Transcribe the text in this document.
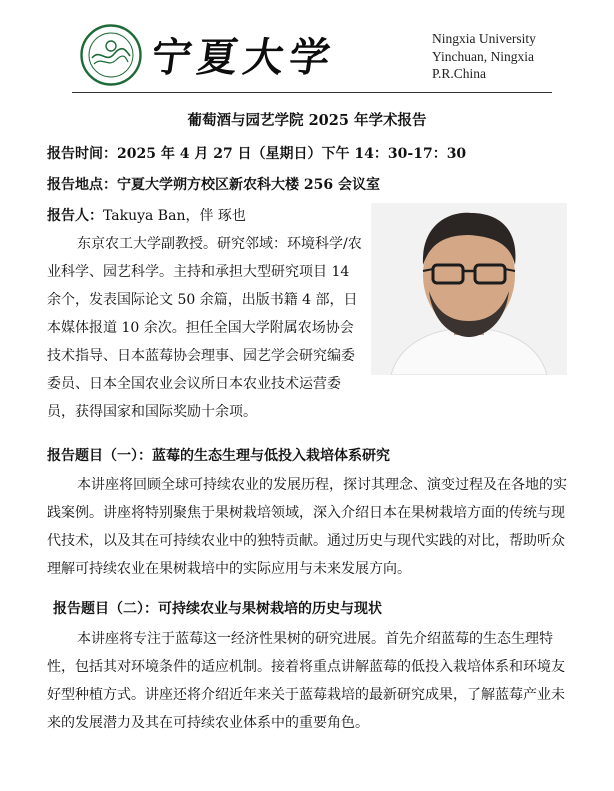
宁夏大学	Ningxia University
Yinchuan, Ningxia
P.R.China
葡萄酒与园艺学院 2025 年学术报告
报告时间：2025 年 4 月 27 日（星期日）下午 14：30-17：30
报告地点：宁夏大学朔方校区新农科大楼 256 会议室
报告人：Takuya Ban，伴 琢也

东京农工大学副教授。研究邻域：环境科学/农业科学、园艺科学。主持和承担大型研究项目 14 余个，发表国际论文 50 余篇，出版书籍 4 部，日本媒体报道 10 余次。担任全国大学附属农场协会技术指导、日本蓝莓协会理事、园艺学会研究编委委员、日本全国农业会议所日本农业技术运营委员，获得国家和国际奖励十余项。

报告题目（一）：蓝莓的生态生理与低投入栽培体系研究

本讲座将回顾全球可持续农业的发展历程，探讨其理念、演变过程及在各地的实践案例。讲座将特别聚焦于果树栽培领域，深入介绍日本在果树栽培方面的传统与现代技术，以及其在可持续农业中的独特贡献。通过历史与现代实践的对比，帮助听众理解可持续农业在果树栽培中的实际应用与未来发展方向。

报告题目（二）：可持续农业与果树栽培的历史与现状

本讲座将专注于蓝莓这一经济性果树的研究进展。首先介绍蓝莓的生态生理特性，包括其对环境条件的适应机制。接着将重点讲解蓝莓的低投入栽培体系和环境友好型种植方式。讲座还将介绍近年来关于蓝莓栽培的最新研究成果，了解蓝莓产业未来的发展潜力及其在可持续农业体系中的重要角色。
